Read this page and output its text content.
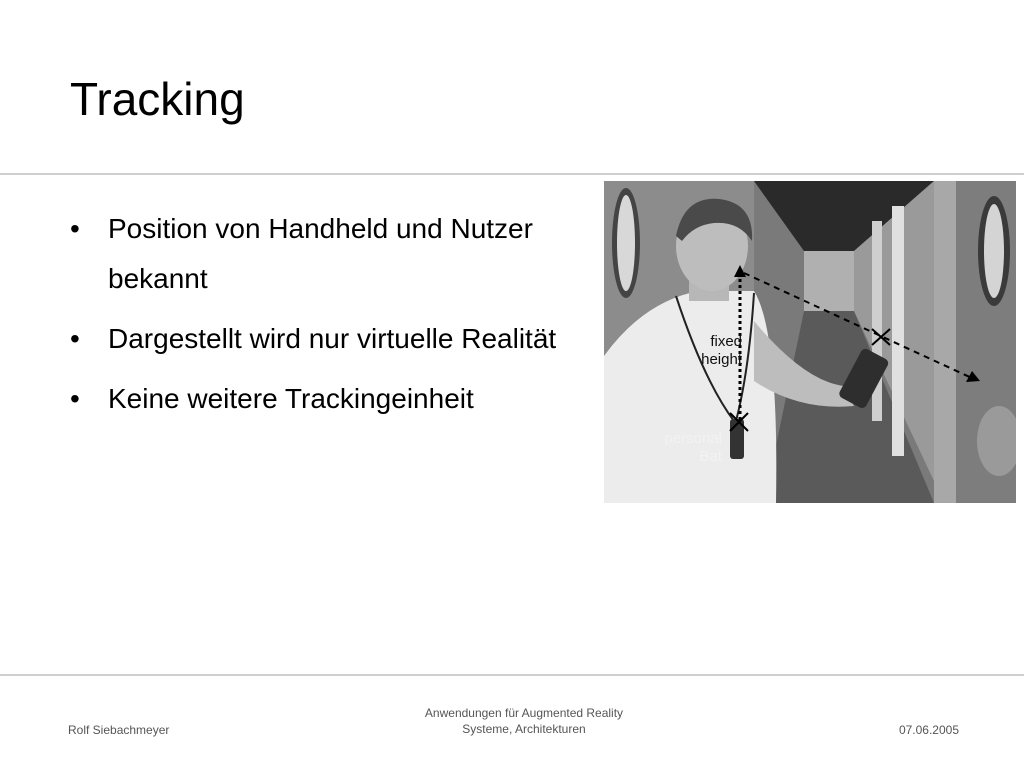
Tracking
• Position von Handheld und Nutzer bekannt
• Dargestellt wird nur virtuelle Realität
• Keine weitere Trackingeinheit
fixed
height
personal
Bat
Rolf Siebachmeyer
Anwendungen für Augmented Reality
Systeme, Architekturen	07.06.2005
